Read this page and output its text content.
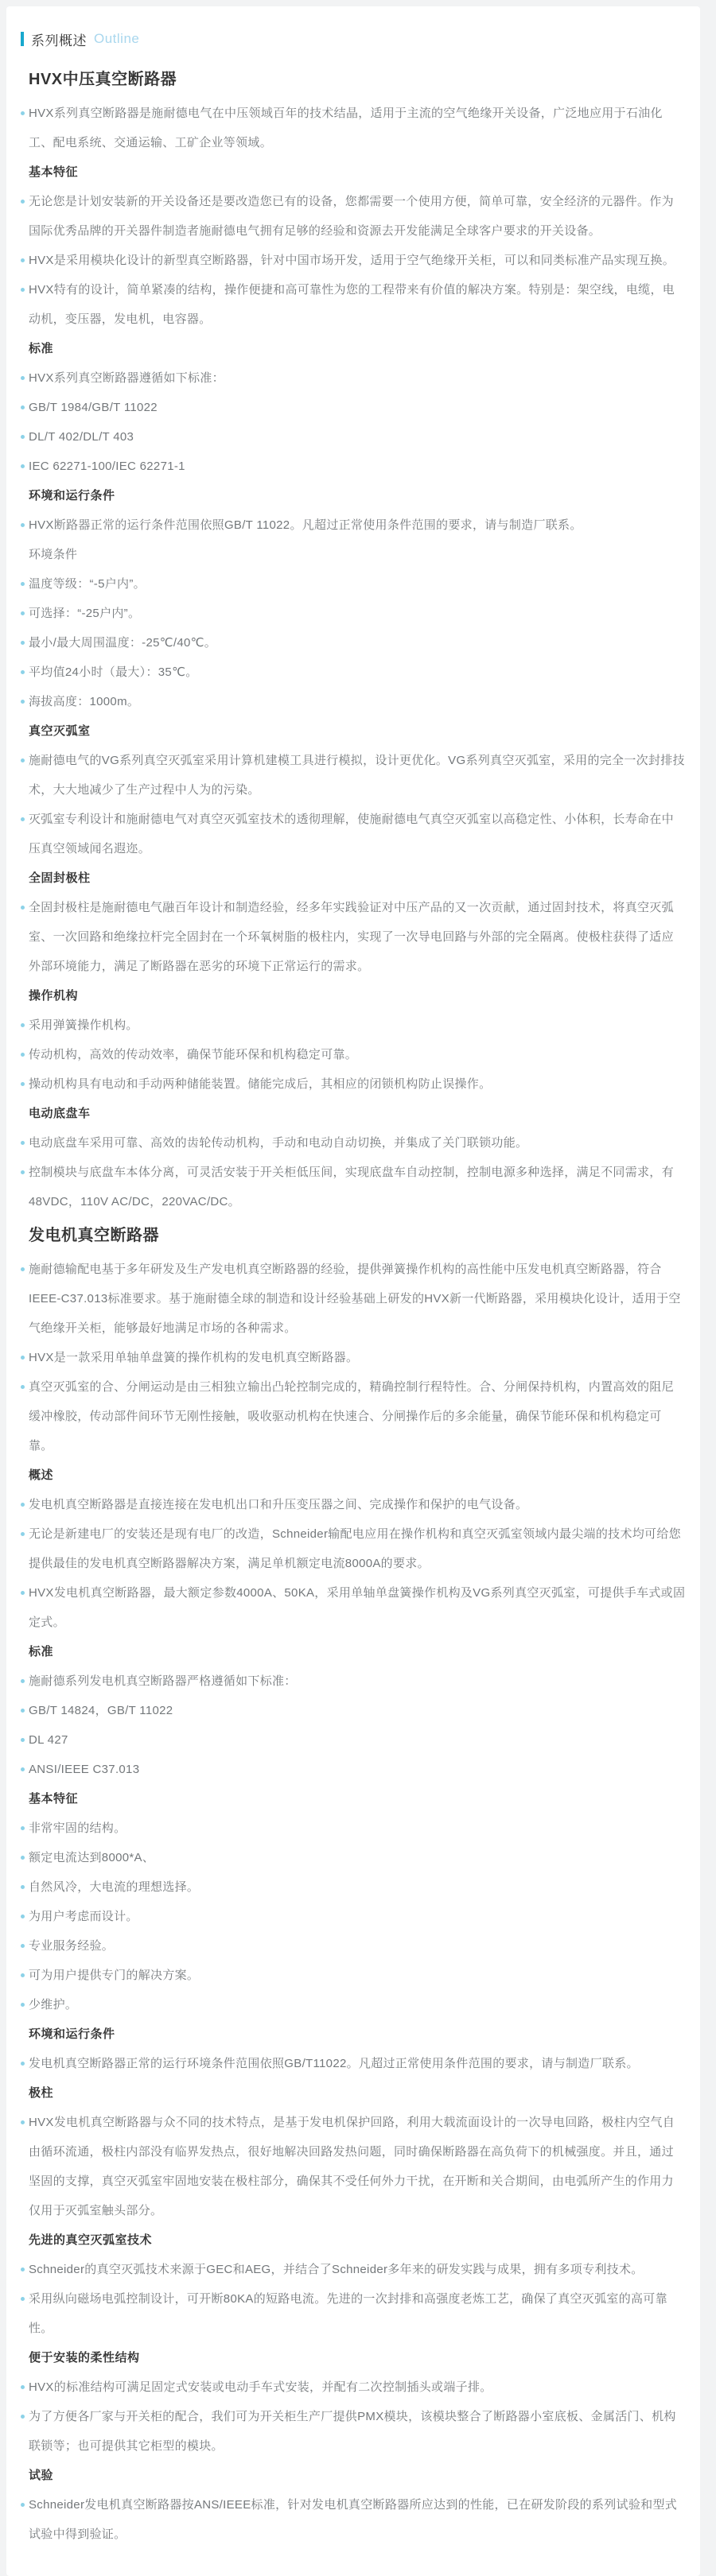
系列概述 Outline
HVX中压真空断路器
HVX系列真空断路器是施耐德电气在中压领域百年的技术结晶，适用于主流的空气绝缘开关设备，广泛地应用于石油化工、配电系统、交通运输、工矿企业等领域。
基本特征
无论您是计划安装新的开关设备还是要改造您已有的设备，您都需要一个使用方便，简单可靠，安全经济的元器件。作为国际优秀品牌的开关器件制造者施耐德电气拥有足够的经验和资源去开发能满足全球客户要求的开关设备。
HVX是采用模块化设计的新型真空断路器，针对中国市场开发，适用于空气绝缘开关柜，可以和同类标准产品实现互换。
HVX特有的设计，简单紧凑的结构，操作便捷和高可靠性为您的工程带来有价值的解决方案。特别是：架空线，电缆，电动机，变压器，发电机，电容器。
标准
HVX系列真空断路器遵循如下标准：
GB/T 1984/GB/T 11022
DL/T 402/DL/T 403
IEC 62271-100/IEC 62271-1
环境和运行条件
HVX断路器正常的运行条件范围依照GB/T 11022。凡超过正常使用条件范围的要求，请与制造厂联系。
环境条件
温度等级：“-5户内”。
可选择：“-25户内”。
最小/最大周围温度：-25℃/40℃。
平均值24小时（最大）：35℃。
海拔高度：1000m。
真空灭弧室
施耐德电气的VG系列真空灭弧室采用计算机建模工具进行模拟，设计更优化。VG系列真空灭弧室，采用的完全一次封排技术，大大地减少了生产过程中人为的污染。
灭弧室专利设计和施耐德电气对真空灭弧室技术的透彻理解，使施耐德电气真空灭弧室以高稳定性、小体积，长寿命在中压真空领域闻名遐迩。
全固封极柱
全固封极柱是施耐德电气融百年设计和制造经验，经多年实践验证对中压产品的又一次贡献，通过固封技术，将真空灭弧室、一次回路和绝缘拉杆完全固封在一个环氧树脂的极柱内，实现了一次导电回路与外部的完全隔离。使极柱获得了适应外部环境能力，满足了断路器在恶劣的环境下正常运行的需求。
操作机构
采用弹簧操作机构。
传动机构，高效的传动效率，确保节能环保和机构稳定可靠。
操动机构具有电动和手动两种储能装置。储能完成后，其相应的闭锁机构防止误操作。
电动底盘车
电动底盘车采用可靠、高效的齿轮传动机构，手动和电动自动切换，并集成了关门联锁功能。
控制模块与底盘车本体分离，可灵活安装于开关柜低压间，实现底盘车自动控制，控制电源多种选择，满足不同需求，有48VDC，110V AC/DC，220VAC/DC。
发电机真空断路器
施耐德输配电基于多年研发及生产发电机真空断路器的经验，提供弹簧操作机构的高性能中压发电机真空断路器，符合IEEE-C37.013标准要求。基于施耐德全球的制造和设计经验基础上研发的HVX新一代断路器，采用模块化设计，适用于空气绝缘开关柜，能够最好地满足市场的各种需求。
HVX是一款采用单轴单盘簧的操作机构的发电机真空断路器。
真空灭弧室的合、分闸运动是由三相独立输出凸轮控制完成的，精确控制行程特性。合、分闸保持机构，内置高效的阻尼缓冲橡胶，传动部件间环节无刚性接触，吸收驱动机构在快速合、分闸操作后的多余能量，确保节能环保和机构稳定可靠。
概述
发电机真空断路器是直接连接在发电机出口和升压变压器之间、完成操作和保护的电气设备。
无论是新建电厂的安装还是现有电厂的改造，Schneider输配电应用在操作机构和真空灭弧室领域内最尖端的技术均可给您提供最佳的发电机真空断路器解决方案，满足单机额定电流8000A的要求。
HVX发电机真空断路器，最大额定参数4000A、50KA，采用单轴单盘簧操作机构及VG系列真空灭弧室，可提供手车式或固定式。
标准
施耐德系列发电机真空断路器严格遵循如下标准：
GB/T 14824，GB/T 11022
DL 427
ANSI/IEEE C37.013
基本特征
非常牢固的结构。
额定电流达到8000*A、
自然风冷，大电流的理想选择。
为用户考虑而设计。
专业服务经验。
可为用户提供专门的解决方案。
少维护。
环境和运行条件
发电机真空断路器正常的运行环境条件范围依照GB/T11022。凡超过正常使用条件范围的要求，请与制造厂联系。
极柱
HVX发电机真空断路器与众不同的技术特点，是基于发电机保护回路，利用大载流面设计的一次导电回路，极柱内空气自由循环流通，极柱内部没有临界发热点，很好地解决回路发热问题，同时确保断路器在高负荷下的机械强度。并且，通过坚固的支撑，真空灭弧室牢固地安装在极柱部分，确保其不受任何外力干扰，在开断和关合期间，由电弧所产生的作用力仅用于灭弧室触头部分。
先进的真空灭弧室技术
Schneider的真空灭弧技术来源于GEC和AEG，并结合了Schneider多年来的研发实践与成果，拥有多项专利技术。
采用纵向磁场电弧控制设计，可开断80KA的短路电流。先进的一次封排和高强度老炼工艺，确保了真空灭弧室的高可靠性。
便于安装的柔性结构
HVX的标准结构可满足固定式安装或电动手车式安装，并配有二次控制插头或端子排。
为了方便各厂家与开关柜的配合，我们可为开关柜生产厂提供PMX模块，该模块整合了断路器小室底板、金属活门、机构联锁等；也可提供其它柜型的模块。
试验
Schneider发电机真空断路器按ANS/IEEE标准，针对发电机真空断路器所应达到的性能，已在研发阶段的系列试验和型式试验中得到验证。
